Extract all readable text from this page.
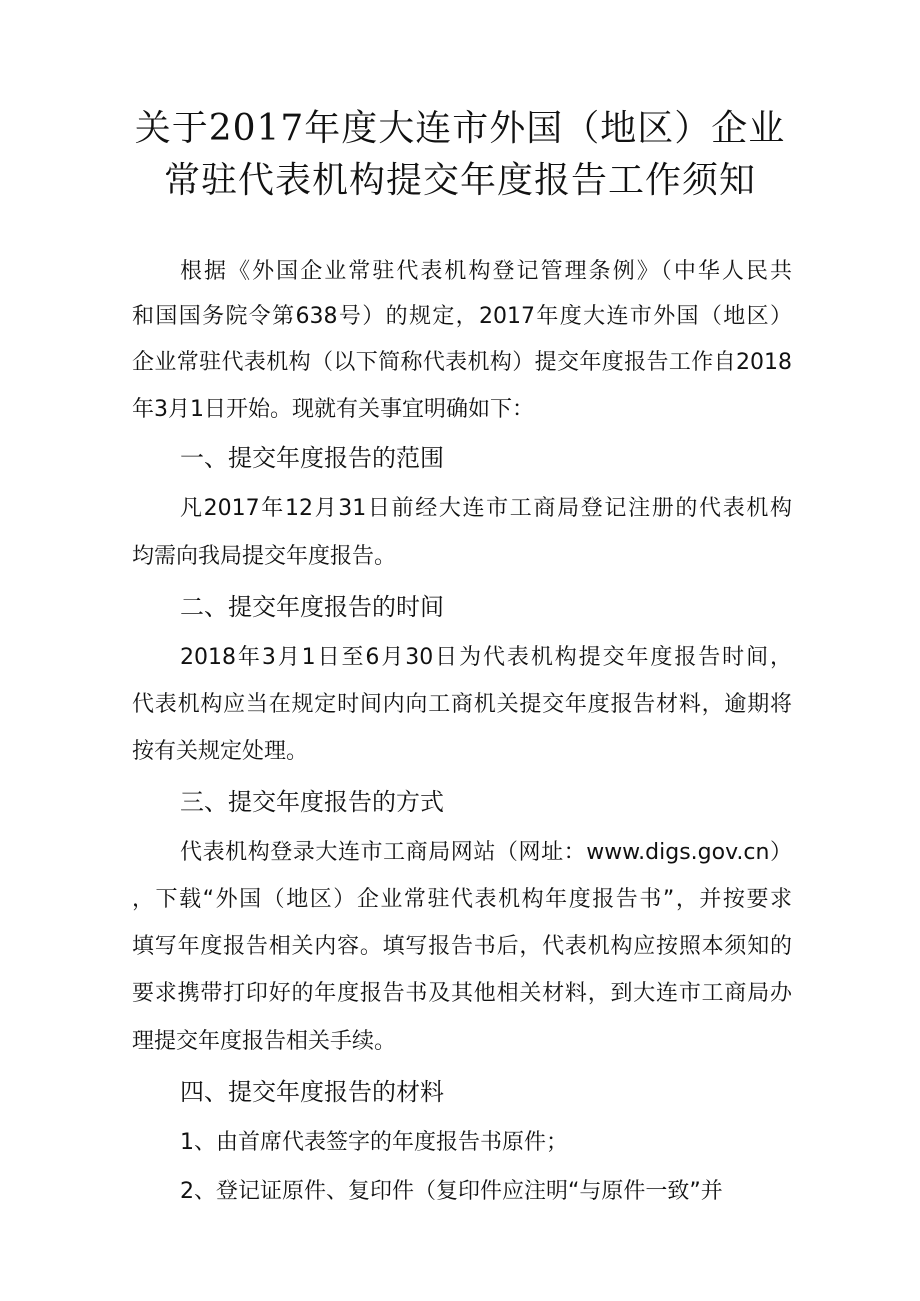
关于2017年度大连市外国（地区）企业
常驻代表机构提交年度报告工作须知
根据《外国企业常驻代表机构登记管理条例》（中华人民共
和国国务院令第638号）的规定，2017年度大连市外国（地区）
企业常驻代表机构（以下简称代表机构）提交年度报告工作自2018
年3月1日开始。现就有关事宜明确如下：
一、提交年度报告的范围
凡2017年12月31日前经大连市工商局登记注册的代表机构
均需向我局提交年度报告。
二、提交年度报告的时间
2018年3月1日至6月30日为代表机构提交年度报告时间，
代表机构应当在规定时间内向工商机关提交年度报告材料，逾期将
按有关规定处理。
三、提交年度报告的方式
代表机构登录大连市工商局网站（网址：www.digs.gov.cn）
，下载“外国（地区）企业常驻代表机构年度报告书”，并按要求
填写年度报告相关内容。填写报告书后，代表机构应按照本须知的
要求携带打印好的年度报告书及其他相关材料，到大连市工商局办
理提交年度报告相关手续。
四、提交年度报告的材料
1、由首席代表签字的年度报告书原件；
2、登记证原件、复印件（复印件应注明“与原件一致”并
